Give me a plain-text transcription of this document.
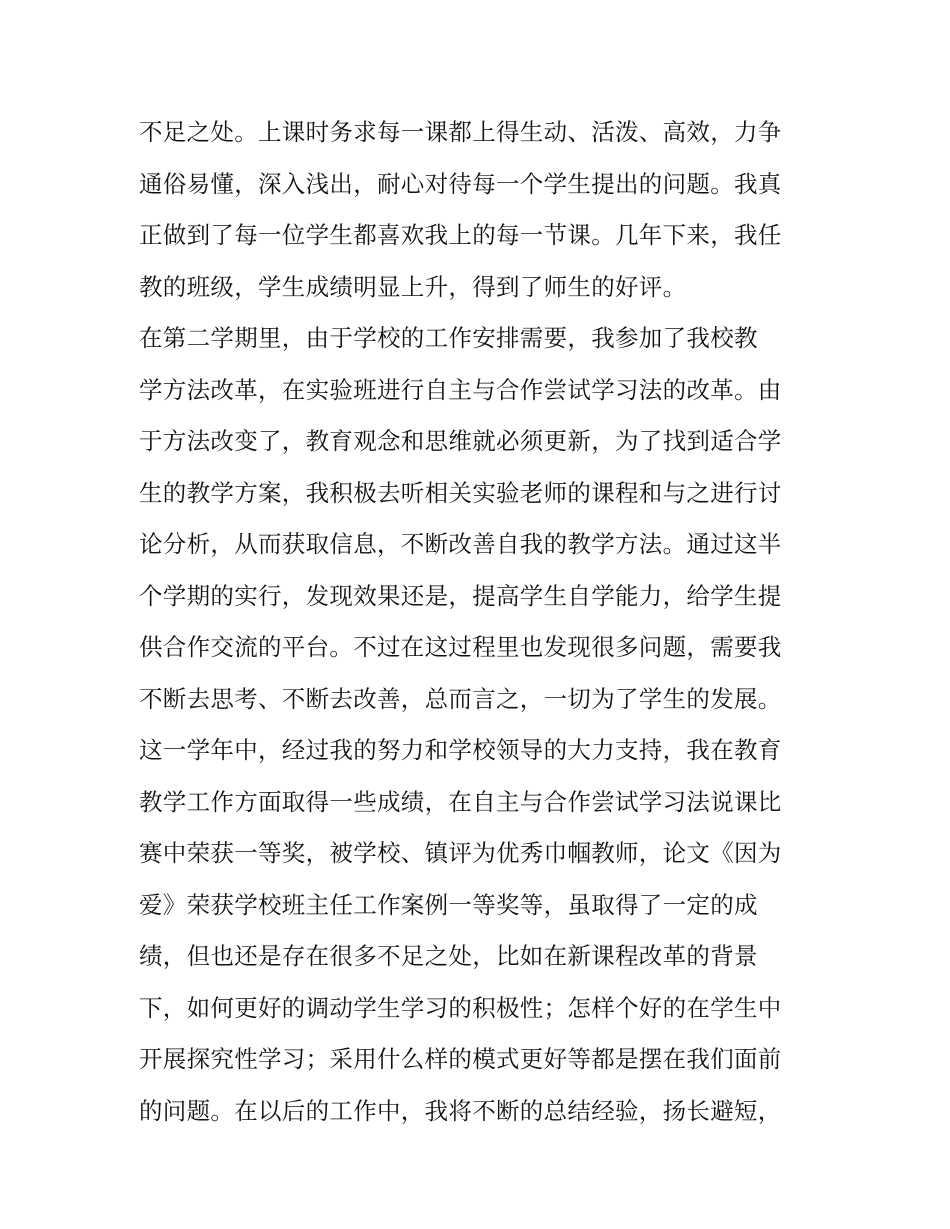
不足之处。上课时务求每一课都上得生动、活泼、高效，力争
通俗易懂，深入浅出，耐心对待每一个学生提出的问题。我真
正做到了每一位学生都喜欢我上的每一节课。几年下来，我任
教的班级，学生成绩明显上升，得到了师生的好评。
在第二学期里，由于学校的工作安排需要，我参加了我校教
学方法改革，在实验班进行自主与合作尝试学习法的改革。由
于方法改变了，教育观念和思维就必须更新，为了找到适合学
生的教学方案，我积极去听相关实验老师的课程和与之进行讨
论分析，从而获取信息，不断改善自我的教学方法。通过这半
个学期的实行，发现效果还是，提高学生自学能力，给学生提
供合作交流的平台。不过在这过程里也发现很多问题，需要我
不断去思考、不断去改善，总而言之，一切为了学生的发展。
这一学年中，经过我的努力和学校领导的大力支持，我在教育
教学工作方面取得一些成绩，在自主与合作尝试学习法说课比
赛中荣获一等奖，被学校、镇评为优秀巾帼教师，论文《因为
爱》荣获学校班主任工作案例一等奖等，虽取得了一定的成
绩，但也还是存在很多不足之处，比如在新课程改革的背景
下，如何更好的调动学生学习的积极性；怎样个好的在学生中
开展探究性学习；采用什么样的模式更好等都是摆在我们面前
的问题。在以后的工作中，我将不断的总结经验，扬长避短，
